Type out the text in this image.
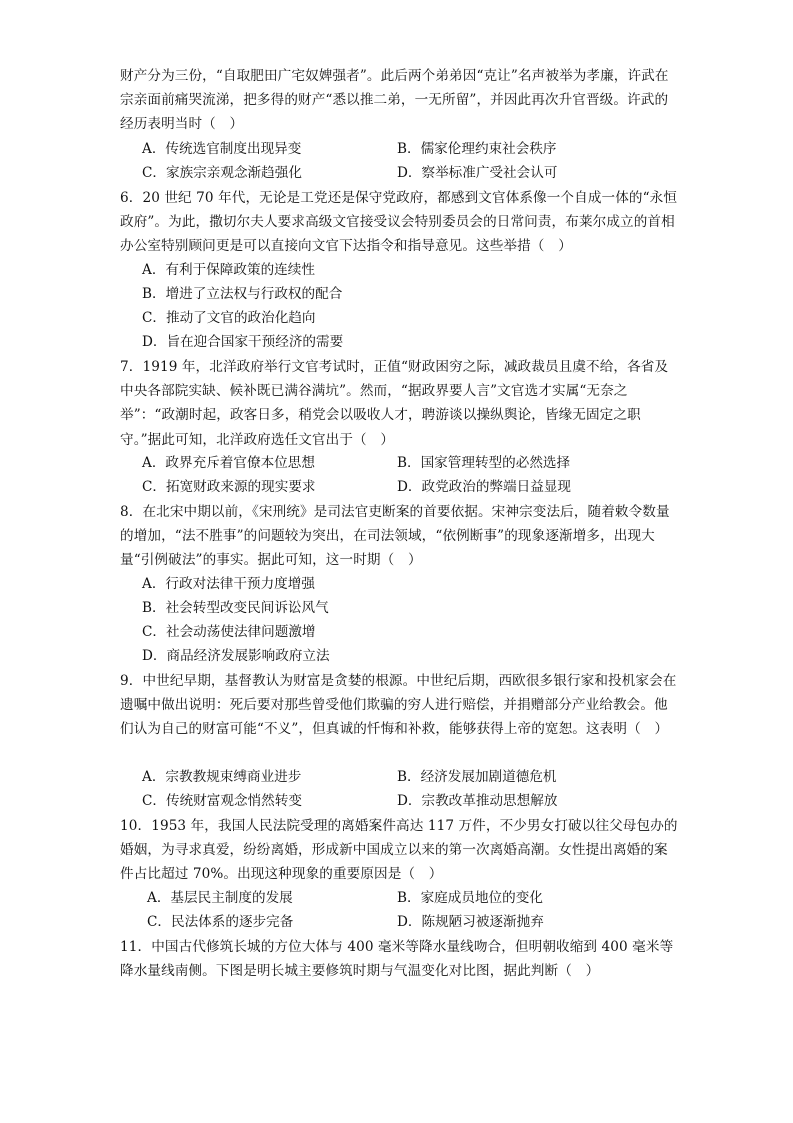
财产分为三份，“自取肥田广宅奴婢强者”。此后两个弟弟因“克让”名声被举为孝廉，许武在宗亲面前痛哭流涕，把多得的财产“悉以推二弟，一无所留”，并因此再次升官晋级。许武的经历表明当时（　）
A．传统选官制度出现异变	B．儒家伦理约束社会秩序
C．家族宗亲观念渐趋强化	D．察举标准广受社会认可
6．20 世纪 70 年代，无论是工党还是保守党政府，都感到文官体系像一个自成一体的“永恒政府”。为此，撒切尔夫人要求高级文官接受议会特别委员会的日常问责，布莱尔成立的首相办公室特别顾问更是可以直接向文官下达指令和指导意见。这些举措（　）
A．有利于保障政策的连续性
B．增进了立法权与行政权的配合
C．推动了文官的政治化趋向
D．旨在迎合国家干预经济的需要
7．1919 年，北洋政府举行文官考试时，正值“财政困穷之际，减政裁员且虞不给，各省及中央各部院实缺、候补既已满谷满坑”。然而，“据政界要人言”文官选才实属“无奈之举”：“政潮时起，政客日多，稍党会以吸收人才，聘游谈以操纵舆论，皆缘无固定之职守。”据此可知，北洋政府选任文官出于（　）
A．政界充斥着官僚本位思想	B．国家管理转型的必然选择
C．拓宽财政来源的现实要求	D．政党政治的弊端日益显现
8．在北宋中期以前，《宋刑统》是司法官吏断案的首要依据。宋神宗变法后，随着敕令数量的增加，“法不胜事”的问题较为突出，在司法领域，“依例断事”的现象逐渐增多，出现大量“引例破法”的事实。据此可知，这一时期（　）
A．行政对法律干预力度增强
B．社会转型改变民间诉讼风气
C．社会动荡使法律问题激增
D．商品经济发展影响政府立法
9．中世纪早期，基督教认为财富是贪婪的根源。中世纪后期，西欧很多银行家和投机家会在遗嘱中做出说明：死后要对那些曾受他们欺骗的穷人进行赔偿，并捐赠部分产业给教会。他们认为自己的财富可能“不义”，但真诚的忏悔和补救，能够获得上帝的宽恕。这表明（　）
A．宗教教规束缚商业进步	B．经济发展加剧道德危机
C．传统财富观念悄然转变	D．宗教改革推动思想解放
10．1953 年，我国人民法院受理的离婚案件高达 117 万件，不少男女打破以往父母包办的婚姻，为寻求真爱，纷纷离婚，形成新中国成立以来的第一次离婚高潮。女性提出离婚的案件占比超过 70%。出现这种现象的重要原因是（　）
A．基层民主制度的发展	B．家庭成员地位的变化
C．民法体系的逐步完备	D．陈规陋习被逐渐抛弃
11．中国古代修筑长城的方位大体与 400 毫米等降水量线吻合，但明朝收缩到 400 毫米等降水量线南侧。下图是明长城主要修筑时期与气温变化对比图，据此判断（　）
